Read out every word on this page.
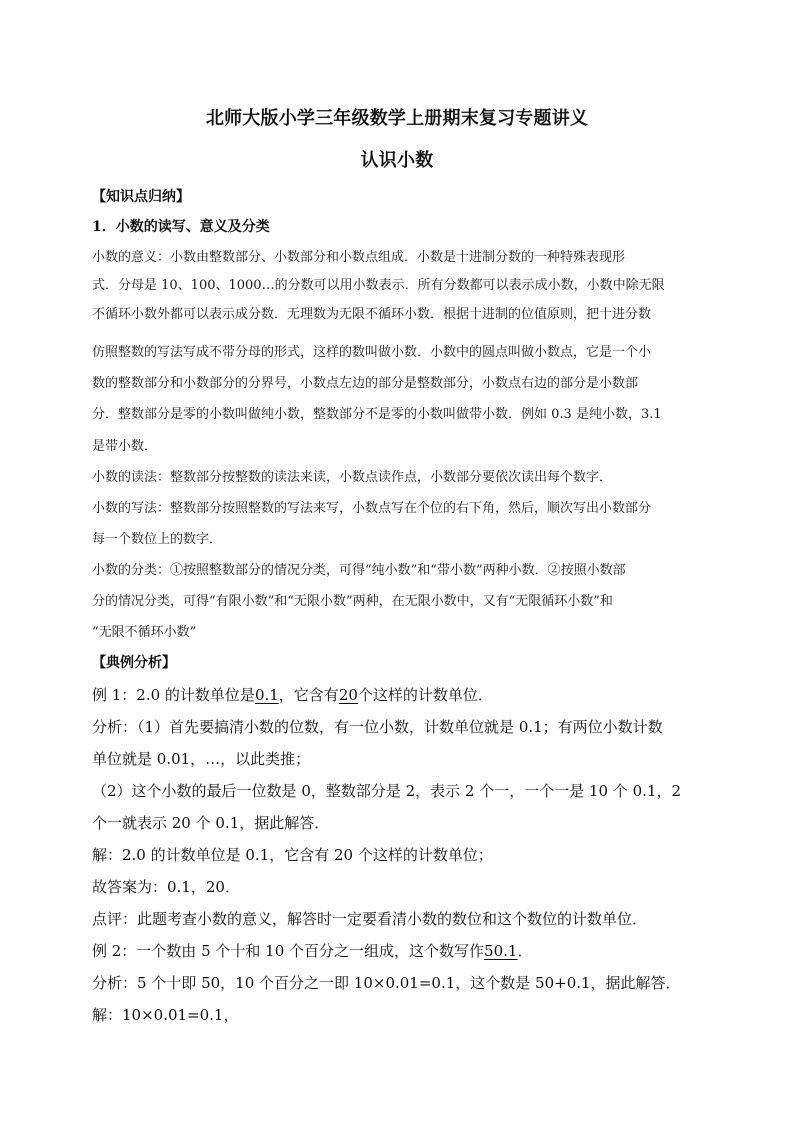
北师大版小学三年级数学上册期末复习专题讲义
认识小数
【知识点归纳】
1．小数的读写、意义及分类
小数的意义：小数由整数部分、小数部分和小数点组成．小数是十进制分数的一种特殊表现形
式．分母是 10、100、1000…的分数可以用小数表示．所有分数都可以表示成小数，小数中除无限
不循环小数外都可以表示成分数．无理数为无限不循环小数．根据十进制的位值原则，把十进分数
仿照整数的写法写成不带分母的形式，这样的数叫做小数．小数中的圆点叫做小数点，它是一个小
数的整数部分和小数部分的分界号，小数点左边的部分是整数部分，小数点右边的部分是小数部
分．整数部分是零的小数叫做纯小数，整数部分不是零的小数叫做带小数．例如 0.3 是纯小数，3.1
是带小数．
小数的读法：整数部分按整数的读法来读，小数点读作点，小数部分要依次读出每个数字．
小数的写法：整数部分按照整数的写法来写，小数点写在个位的右下角，然后，顺次写出小数部分
每一个数位上的数字．
小数的分类：①按照整数部分的情况分类，可得“纯小数”和“带小数”两种小数．②按照小数部
分的情况分类，可得“有限小数”和“无限小数”两种，在无限小数中，又有“无限循环小数”和
“无限不循环小数”
【典例分析】
例 1：2.0 的计数单位是0.1，它含有20个这样的计数单位．
分析：（1）首先要搞清小数的位数，有一位小数，计数单位就是 0.1；有两位小数计数
单位就是 0.01，…，以此类推；
（2）这个小数的最后一位数是 0，整数部分是 2，表示 2 个一，一个一是 10 个 0.1，2
个一就表示 20 个 0.1，据此解答．
解：2.0 的计数单位是 0.1，它含有 20 个这样的计数单位；
故答案为：0.1，20．
点评：此题考查小数的意义，解答时一定要看清小数的数位和这个数位的计数单位．
例 2：一个数由 5 个十和 10 个百分之一组成，这个数写作50.1．
分析：5 个十即 50，10 个百分之一即 10×0.01=0.1，这个数是 50+0.1，据此解答．
解：10×0.01=0.1，
